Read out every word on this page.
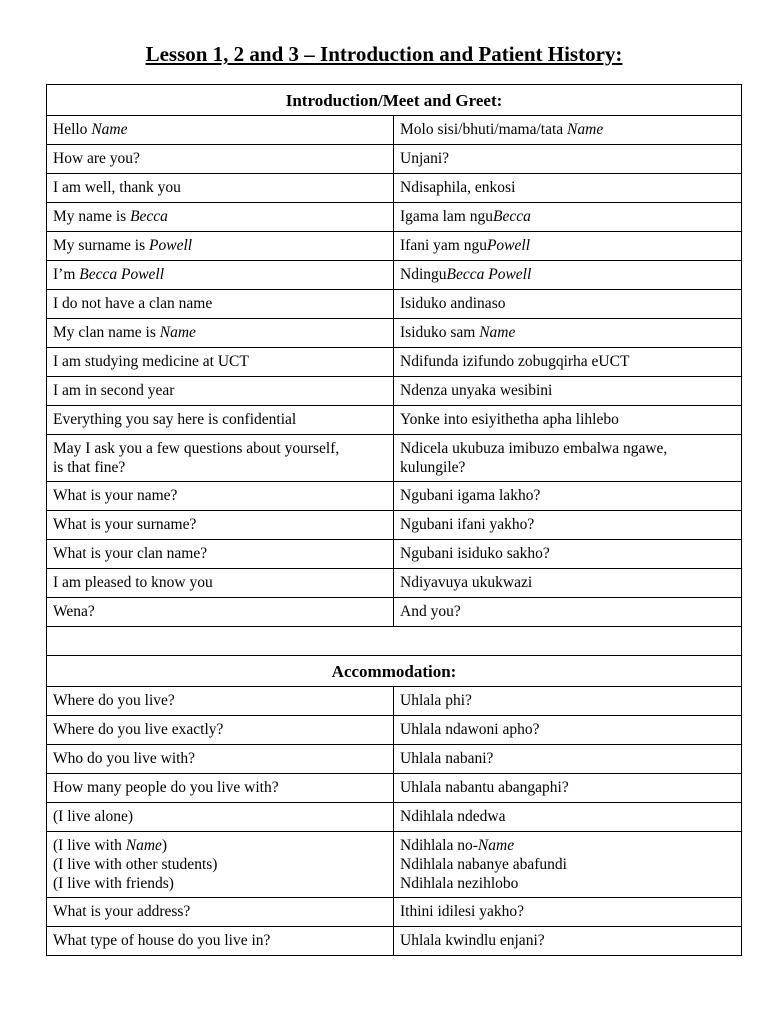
Lesson 1, 2 and 3 – Introduction and Patient History:
Introduction/Meet and Greet:	

Hello Name	Molo sisi/bhuti/mama/tata Name

How are you?	Unjani?

I am well, thank you	Ndisaphila, enkosi

My name is Becca	Igama lam nguBecca

My surname is Powell	Ifani yam nguPowell

I’m Becca Powell	NdinguBecca Powell

I do not have a clan name	Isiduko andinaso

My clan name is Name	Isiduko sam Name

I am studying medicine at UCT	Ndifunda izifundo zobugqirha eUCT

I am in second year	Ndenza unyaka wesibini

Everything you say here is confidential	Yonke into esiyithetha apha lihlebo

May I ask you a few questions about yourself,
is that fine?	Ndicela ukubuza imibuzo embalwa ngawe,
kulungile?

What is your name?	Ngubani igama lakho?

What is your surname?	Ngubani ifani yakho?

What is your clan name?	Ngubani isiduko sakho?

I am pleased to know you	Ndiyavuya ukukwazi

Wena?	And you?

Accommodation:	

Where do you live?	Uhlala phi?

Where do you live exactly?	Uhlala ndawoni apho?

Who do you live with?	Uhlala nabani?

How many people do you live with?	Uhlala nabantu abangaphi?

(I live alone)	Ndihlala ndedwa

(I live with Name)
(I live with other students)
(I live with friends)	Ndihlala no-Name
Ndihlala nabanye abafundi
Ndihlala nezihlobo

What is your address?	Ithini idilesi yakho?

What type of house do you live in?	Uhlala kwindlu enjani?
